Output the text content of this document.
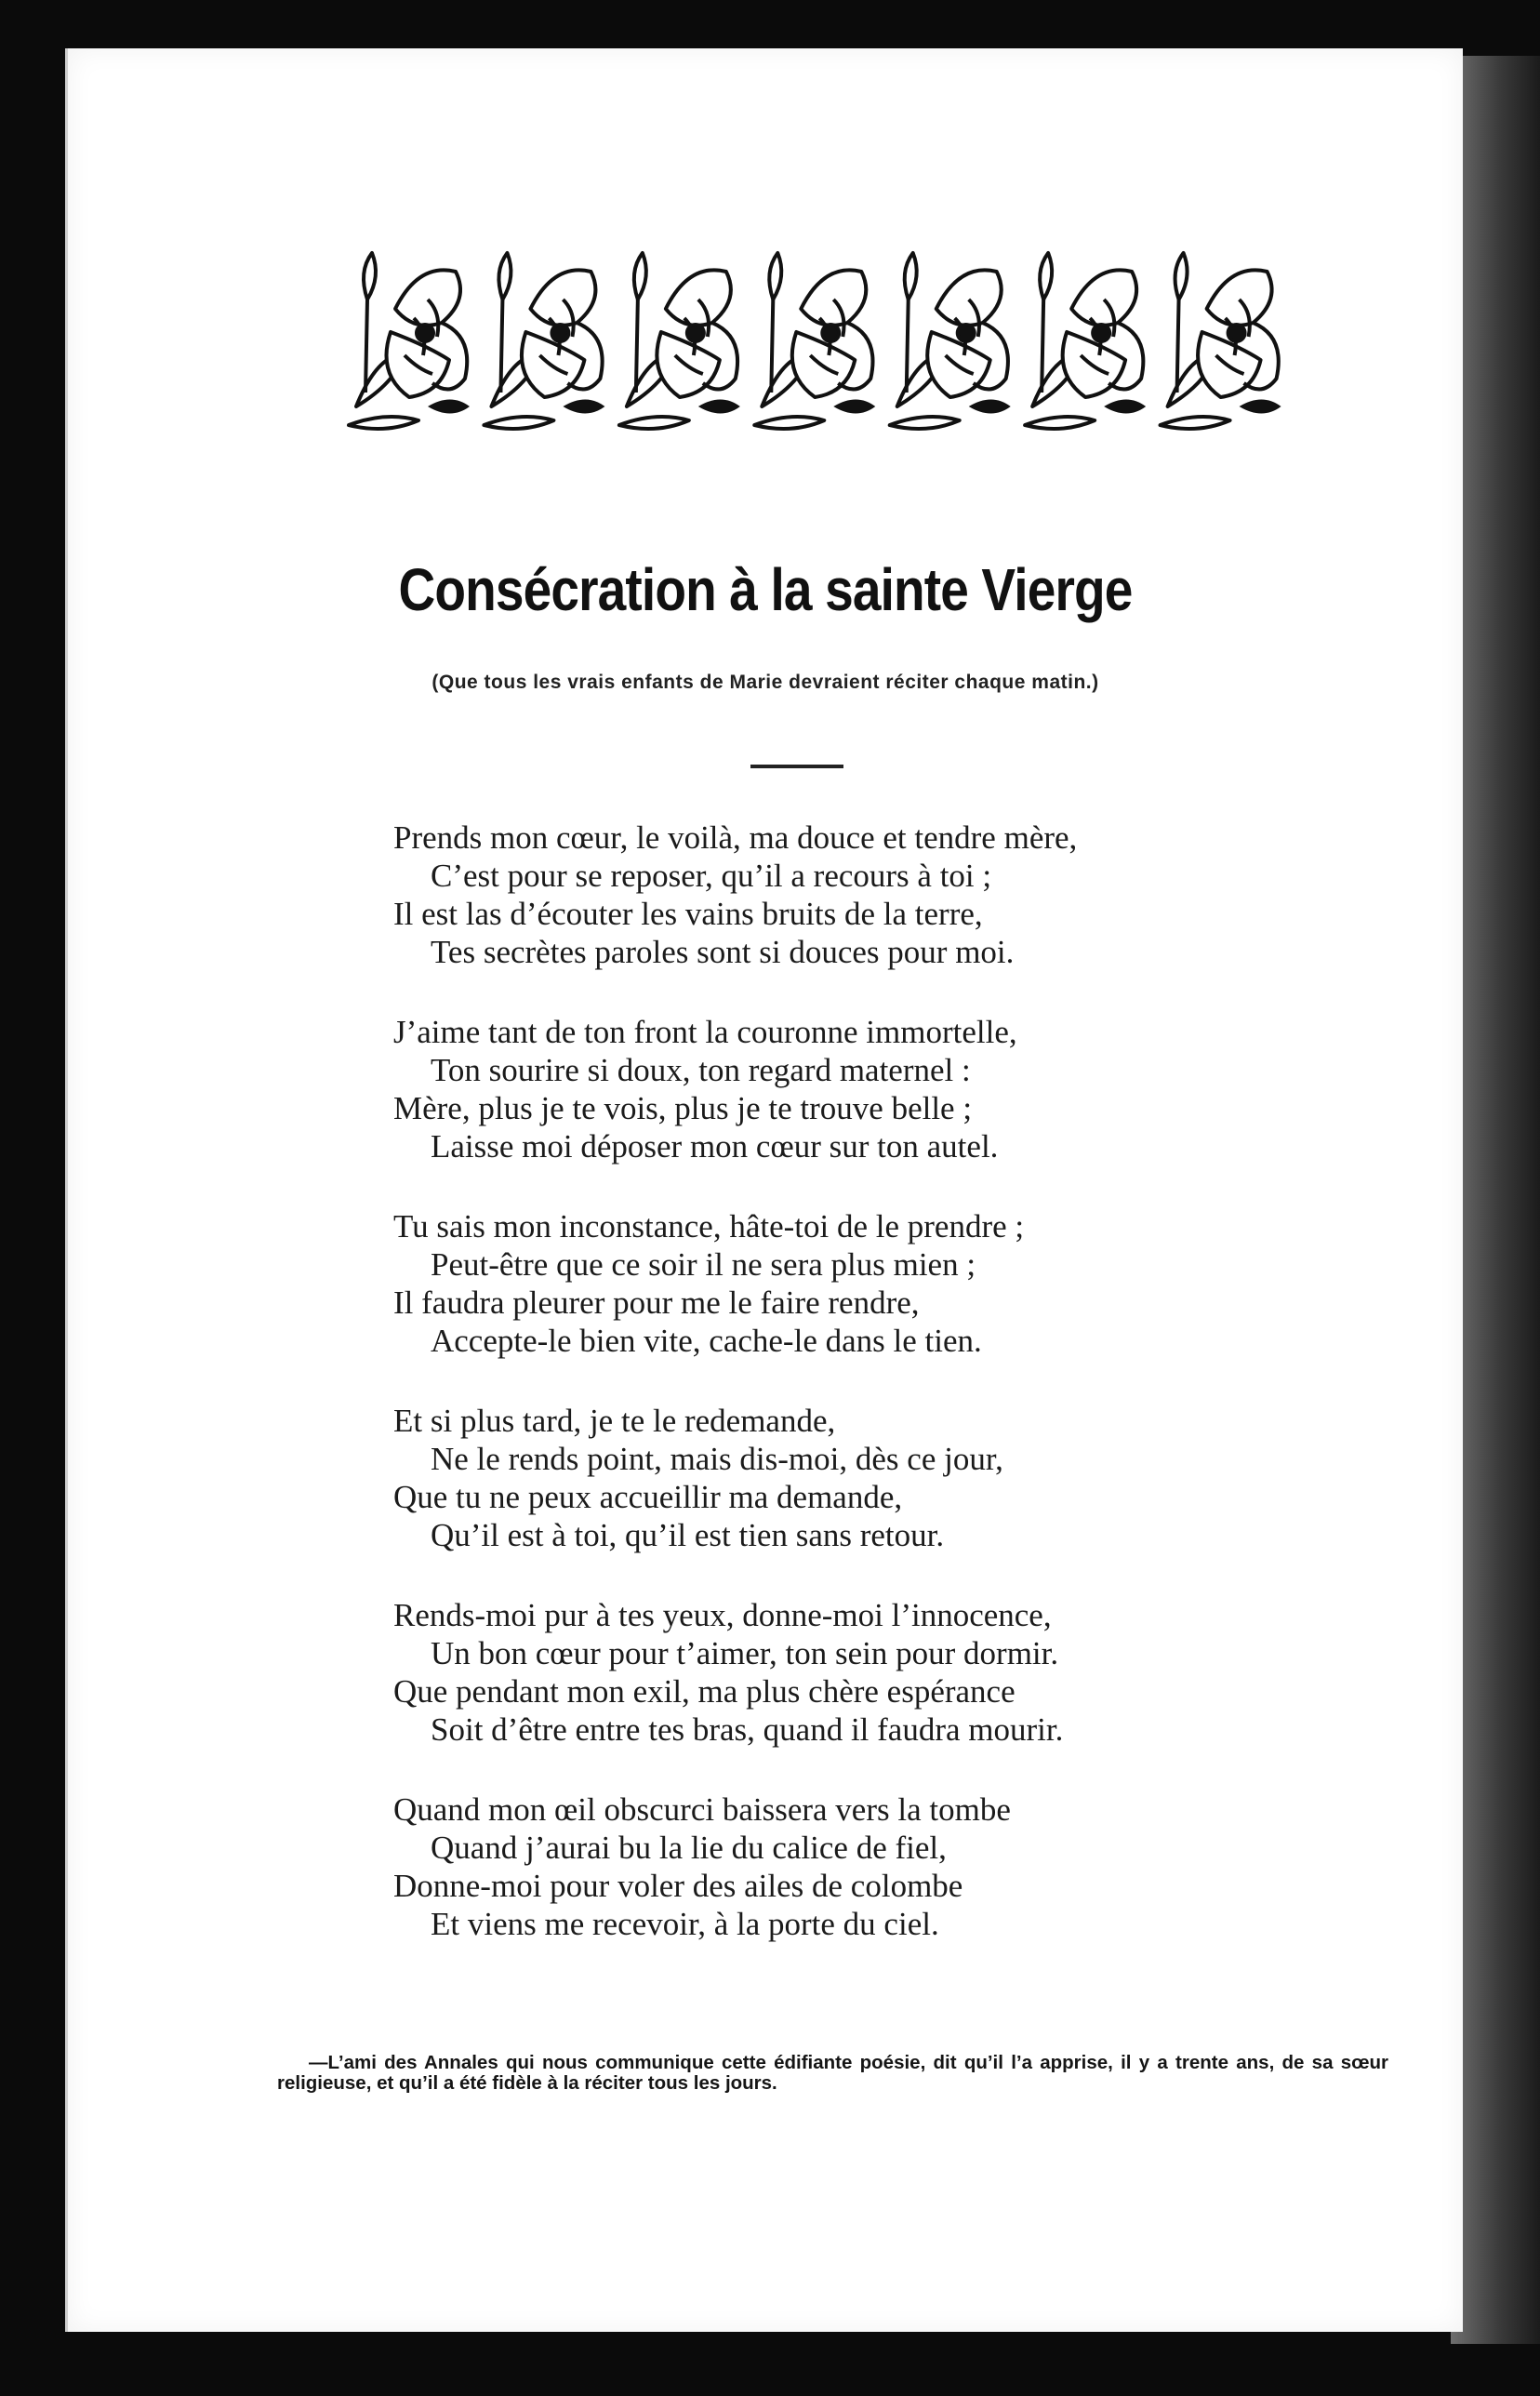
Consécration à la sainte Vierge
(Que tous les vrais enfants de Marie devraient réciter chaque matin.)
Prends mon cœur, le voilà, ma douce et tendre mère,
C’est pour se reposer, qu’il a recours à toi ;
Il est las d’écouter les vains bruits de la terre,
Tes secrètes paroles sont si douces pour moi.
J’aime tant de ton front la couronne immortelle,
Ton sourire si doux, ton regard maternel :
Mère, plus je te vois, plus je te trouve belle ;
Laisse moi déposer mon cœur sur ton autel.
Tu sais mon inconstance, hâte-toi de le prendre ;
Peut-être que ce soir il ne sera plus mien ;
Il faudra pleurer pour me le faire rendre,
Accepte-le bien vite, cache-le dans le tien.
Et si plus tard, je te le redemande,
Ne le rends point, mais dis-moi, dès ce jour,
Que tu ne peux accueillir ma demande,
Qu’il est à toi, qu’il est tien sans retour.
Rends-moi pur à tes yeux, donne-moi l’innocence,
Un bon cœur pour t’aimer, ton sein pour dormir.
Que pendant mon exil, ma plus chère espérance
Soit d’être entre tes bras, quand il faudra mourir.
Quand mon œil obscurci baissera vers la tombe
Quand j’aurai bu la lie du calice de fiel,
Donne-moi pour voler des ailes de colombe
Et viens me recevoir, à la porte du ciel.

—L’ami des Annales qui nous communique cette édifiante poésie, dit qu’il l’a apprise, il y a trente ans, de sa sœur religieuse, et qu’il a été fidèle à la réciter tous les jours.
